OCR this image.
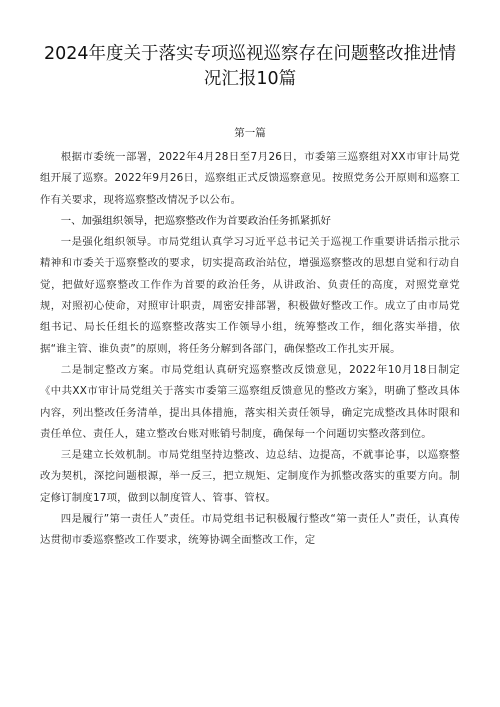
2024年度关于落实专项巡视巡察存在问题整改推进情
况汇报10篇
第一篇

根据市委统一部署，2022年4月28日至7月26日，市委第三巡察组对XX市审计局党组开展了巡察。2022年9月26日，巡察组正式反馈巡察意见。按照党务公开原则和巡察工作有关要求，现将巡察整改情况予以公布。

一、加强组织领导，把巡察整改作为首要政治任务抓紧抓好

一是强化组织领导。市局党组认真学习习近平总书记关于巡视工作重要讲话指示批示精神和市委关于巡察整改的要求，切实提高政治站位，增强巡察整改的思想自觉和行动自觉，把做好巡察整改工作作为首要的政治任务，从讲政治、负责任的高度，对照党章党规，对照初心使命，对照审计职责，周密安排部署，积极做好整改工作。成立了由市局党组书记、局长任组长的巡察整改落实工作领导小组，统筹整改工作，细化落实举措，依据“谁主管、谁负责”的原则，将任务分解到各部门，确保整改工作扎实开展。

二是制定整改方案。市局党组认真研究巡察整改反馈意见，2022年10月18日制定《中共XX市审计局党组关于落实市委第三巡察组反馈意见的整改方案》，明确了整改具体内容，列出整改任务清单，提出具体措施，落实相关责任领导，确定完成整改具体时限和责任单位、责任人，建立整改台账对账销号制度，确保每一个问题切实整改落到位。

三是建立长效机制。市局党组坚持边整改、边总结、边提高，不就事论事，以巡察整改为契机，深挖问题根源，举一反三，把立规矩、定制度作为抓整改落实的重要方向。制定修订制度17项，做到以制度管人、管事、管权。

四是履行”第一责任人”责任。市局党组书记积极履行整改“第一责任人”责任，认真传达贯彻市委巡察整改工作要求，统筹协调全面整改工作，定
